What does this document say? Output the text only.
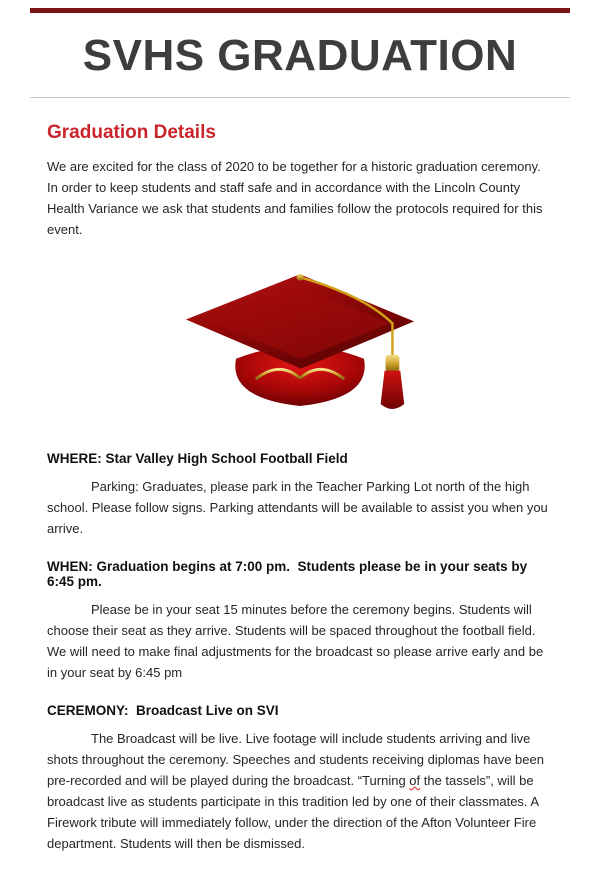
SVHS GRADUATION
Graduation Details

We are excited for the class of 2020 to be together for a historic graduation ceremony. In order to keep students and staff safe and in accordance with the Lincoln County Health Variance we ask that students and families follow the protocols required for this event.

WHERE: Star Valley High School Football Field

Parking: Graduates, please park in the Teacher Parking Lot north of the high school. Please follow signs. Parking attendants will be available to assist you when you arrive.

WHEN: Graduation begins at 7:00 pm.  Students please be in your seats by 6:45 pm.

Please be in your seat 15 minutes before the ceremony begins. Students will choose their seat as they arrive. Students will be spaced throughout the football field. We will need to make final adjustments for the broadcast so please arrive early and be in your seat by 6:45 pm

CEREMONY:  Broadcast Live on SVI

The Broadcast will be live. Live footage will include students arriving and live shots throughout the ceremony. Speeches and students receiving diplomas have been pre-recorded and will be played during the broadcast. “Turning of the tassels”, will be broadcast live as students participate in this tradition led by one of their classmates. A Firework tribute will immediately follow, under the direction of the Afton Volunteer Fire department. Students will then be dismissed.
